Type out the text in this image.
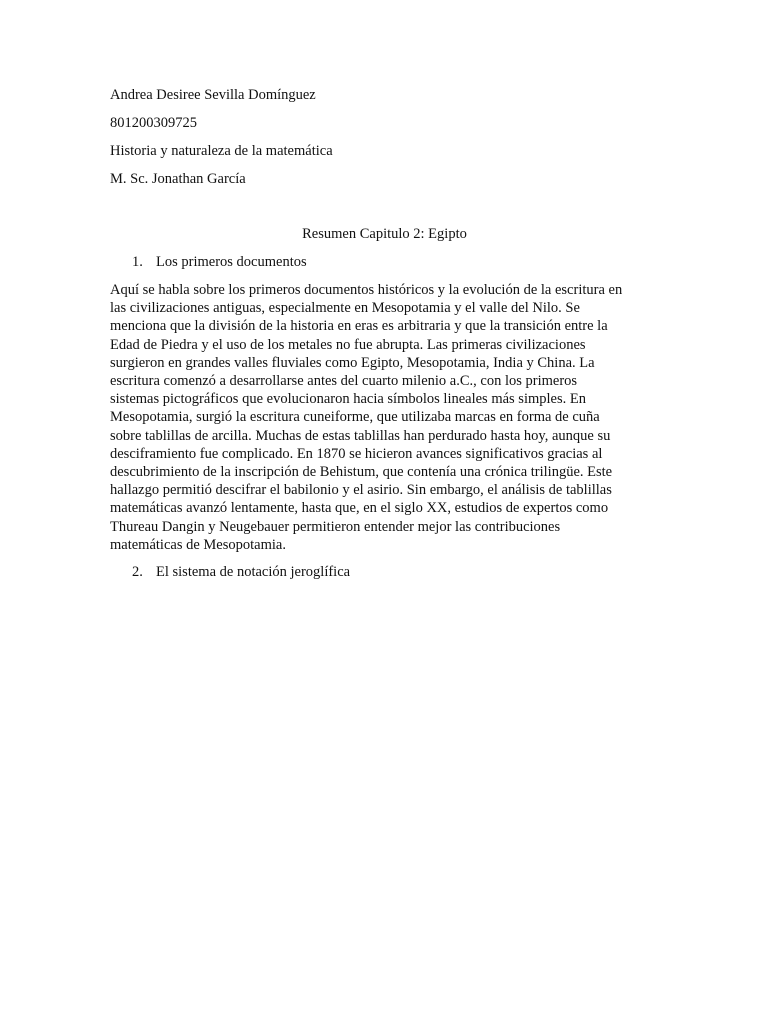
Andrea Desiree Sevilla Domínguez
801200309725
Historia y naturaleza de la matemática
M. Sc. Jonathan García
Resumen Capitulo 2: Egipto
1. Los primeros documentos
Aquí se habla sobre los primeros documentos históricos y la evolución de la escritura en
las civilizaciones antiguas, especialmente en Mesopotamia y el valle del Nilo. Se
menciona que la división de la historia en eras es arbitraria y que la transición entre la
Edad de Piedra y el uso de los metales no fue abrupta. Las primeras civilizaciones
surgieron en grandes valles fluviales como Egipto, Mesopotamia, India y China. La
escritura comenzó a desarrollarse antes del cuarto milenio a.C., con los primeros
sistemas pictográficos que evolucionaron hacia símbolos lineales más simples. En
Mesopotamia, surgió la escritura cuneiforme, que utilizaba marcas en forma de cuña
sobre tablillas de arcilla. Muchas de estas tablillas han perdurado hasta hoy, aunque su
desciframiento fue complicado. En 1870 se hicieron avances significativos gracias al
descubrimiento de la inscripción de Behistum, que contenía una crónica trilingüe. Este
hallazgo permitió descifrar el babilonio y el asirio. Sin embargo, el análisis de tablillas
matemáticas avanzó lentamente, hasta que, en el siglo XX, estudios de expertos como
Thureau Dangin y Neugebauer permitieron entender mejor las contribuciones
matemáticas de Mesopotamia.
2. El sistema de notación jeroglífica
